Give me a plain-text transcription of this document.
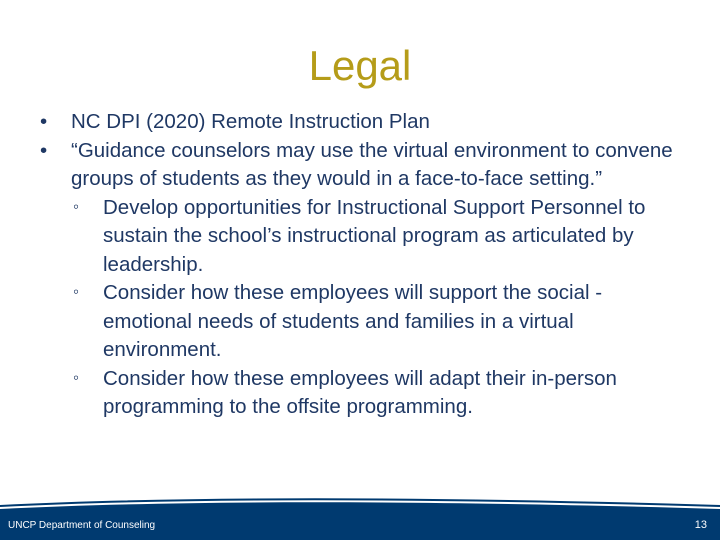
Legal

• NC DPI (2020) Remote Instruction Plan

• “Guidance counselors may use the virtual environment to convene groups of students as they would in a face-to-face setting.”

◦ Develop opportunities for Instructional Support Personnel to sustain the school’s instructional program as articulated by leadership.

◦ Consider how these employees will support the social -emotional needs of students and families in a virtual environment.

◦ Consider how these employees will adapt their in-person programming to the offsite programming.

UNCP Department of Counseling	13
